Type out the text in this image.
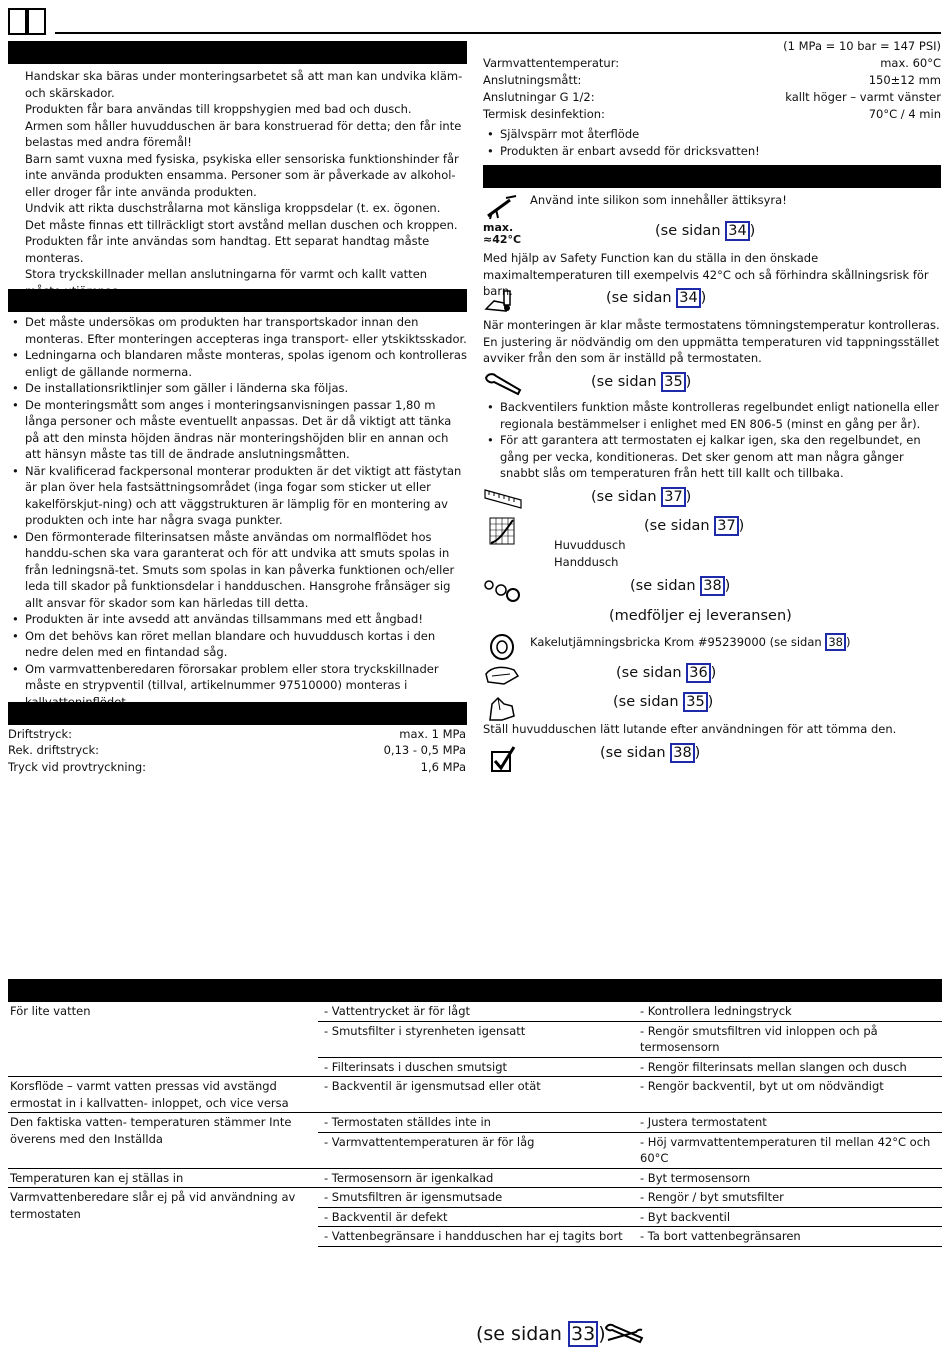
Handskar ska bäras under monteringsarbetet så att man kan undvika kläm- och skärskador.

Produkten får bara användas till kroppshygien med bad och dusch.

Armen som håller huvudduschen är bara konstruerad för detta; den får inte belastas med andra föremål!

Barn samt vuxna med fysiska, psykiska eller sensoriska funktionshinder får inte använda produkten ensamma. Personer som är påverkade av alkohol- eller droger får inte använda produkten.

Undvik att rikta duschstrålarna mot känsliga kroppsdelar (t. ex. ögonen. Det måste finnas ett tillräckligt stort avstånd mellan duschen och kroppen.

Produkten får inte användas som handtag. Ett separat handtag måste monteras.

Stora tryckskillnader mellan anslutningarna för varmt och kallt vatten

• Det måste undersökas om produkten har transportskador innan den monteras. Efter monteringen accepteras inga transport- eller ytskiktsskador.
• Ledningarna och blandaren måste monteras, spolas igenom och kontrolleras enligt de gällande normerna.
• De installationsriktlinjer som gäller i länderna ska följas.
• De monteringsmått som anges i monteringsanvisningen passar 1,80 m långa personer och måste eventuellt anpassas. Det är då viktigt att tänka på att den minsta höjden ändras när monteringshöjden blir en annan och att hänsyn måste tas till de ändrade anslutningsmåtten.
• När kvalificerad fackpersonal monterar produkten är det viktigt att fästytan är plan över hela fastsättningsområdet (inga fogar som sticker ut eller kakelförskjut-ning) och att väggstrukturen är lämplig för en montering av produkten och inte har några svaga punkter.
• Den förmonterade filterinsatsen måste användas om normalflödet hos handdu-schen ska vara garanterat och för att undvika att smuts spolas in från ledningsnä-tet. Smuts som spolas in kan påverka funktionen och/eller leda till skador på funktionsdelar i handduschen. Hansgrohe frånsäger sig allt ansvar för skador som kan härledas till detta.
• Produkten är inte avsedd att användas tillsammans med ett ångbad!
• Om det behövs kan röret mellan blandare och huvuddusch kortas i den nedre delen med en fintandad såg.
• Om varmvattenberedaren förorsakar problem eller stora tryckskillnader måste en strypventil (tillval, artikelnummer 97510000) monteras i
Driftstryck:	max. 1 MPa
Rek. driftstryck:	0,13 - 0,5 MPa
Tryck vid provtryckning:	1,6 MPa
(1 MPa = 10 bar = 147 PSI)
Varmvattentemperatur:	max. 60°C
Anslutningsmått:	150±12 mm
Anslutningar G 1/2:	kallt höger – varmt vänster
Termisk desinfektion:	70°C / 4 min
• Självspärr mot återflöde
• Produkten är enbart avsedd för dricksvatten!
Använd inte silikon som innehåller ättiksyra!
max.
≈42°C
(se sidan 34 )
Med hjälp av Safety Function kan du ställa in den önskade maximaltemperaturen till exempelvis 42°C och så förhindra skållningsrisk för barn.	(se sidan 34 )
När monteringen är klar måste termostatens tömningstemperatur kontrolleras. En justering är nödvändig om den uppmätta temperaturen vid tappningsstället avviker från den som är inställd på termostaten.
(se sidan 35 )
• Backventilers funktion måste kontrolleras regelbundet enligt nationella eller regionala bestämmelser i enlighet med EN 806-5 (minst en gång per år).
• För att garantera att termostaten ej kalkar igen, ska den regelbundet, en gång per vecka, konditioneras. Det sker genom att man några gånger snabbt slås om temperaturen från hett till kallt och tillbaka.
(se sidan 37 )
(se sidan 37 )
Huvuddusch
Handdusch
(se sidan 38 )
(medföljer ej leveransen)
Kakelutjämningsbricka Krom #95239000 (se sidan 38 )
(se sidan 36 )
(se sidan 35 )
Ställ huvudduschen lätt lutande efter användningen för att tömma den.
(se sidan 38 )
För lite vatten	- Vattentrycket är för lågt	- Kontrollera ledningstryck
	- Smutsfilter i styrenheten igensatt	- Rengör smutsfiltren vid inloppen och på termosensorn
	- Filterinsats i duschen smutsigt	- Rengör filterinsats mellan slangen och dusch
Korsflöde – varmt vatten pressas vid avstängd ermostat in i kallvatten- inloppet, och vice versa	- Backventil är igensmutsad eller otät	- Rengör backventil, byt ut om nödvändigt
Den faktiska vatten- temperaturen stämmer Inte överens med den Inställda	- Termostaten ställdes inte in	- Justera termostatent
	- Varmvattentemperaturen är för låg	- Höj varmvattentemperaturen til mellan 42°C och 60°C
Temperaturen kan ej ställas in	- Termosensorn är igenkalkad	- Byt termosensorn
Varmvattenberedare slår ej på vid användning av termostaten	- Smutsfiltren är igensmutsade	- Rengör / byt smutsfilter
	- Backventil är defekt	- Byt backventil
	- Vattenbegränsare i handduschen har ej tagits bort	- Ta bort vattenbegränsaren
(se sidan 33 )
